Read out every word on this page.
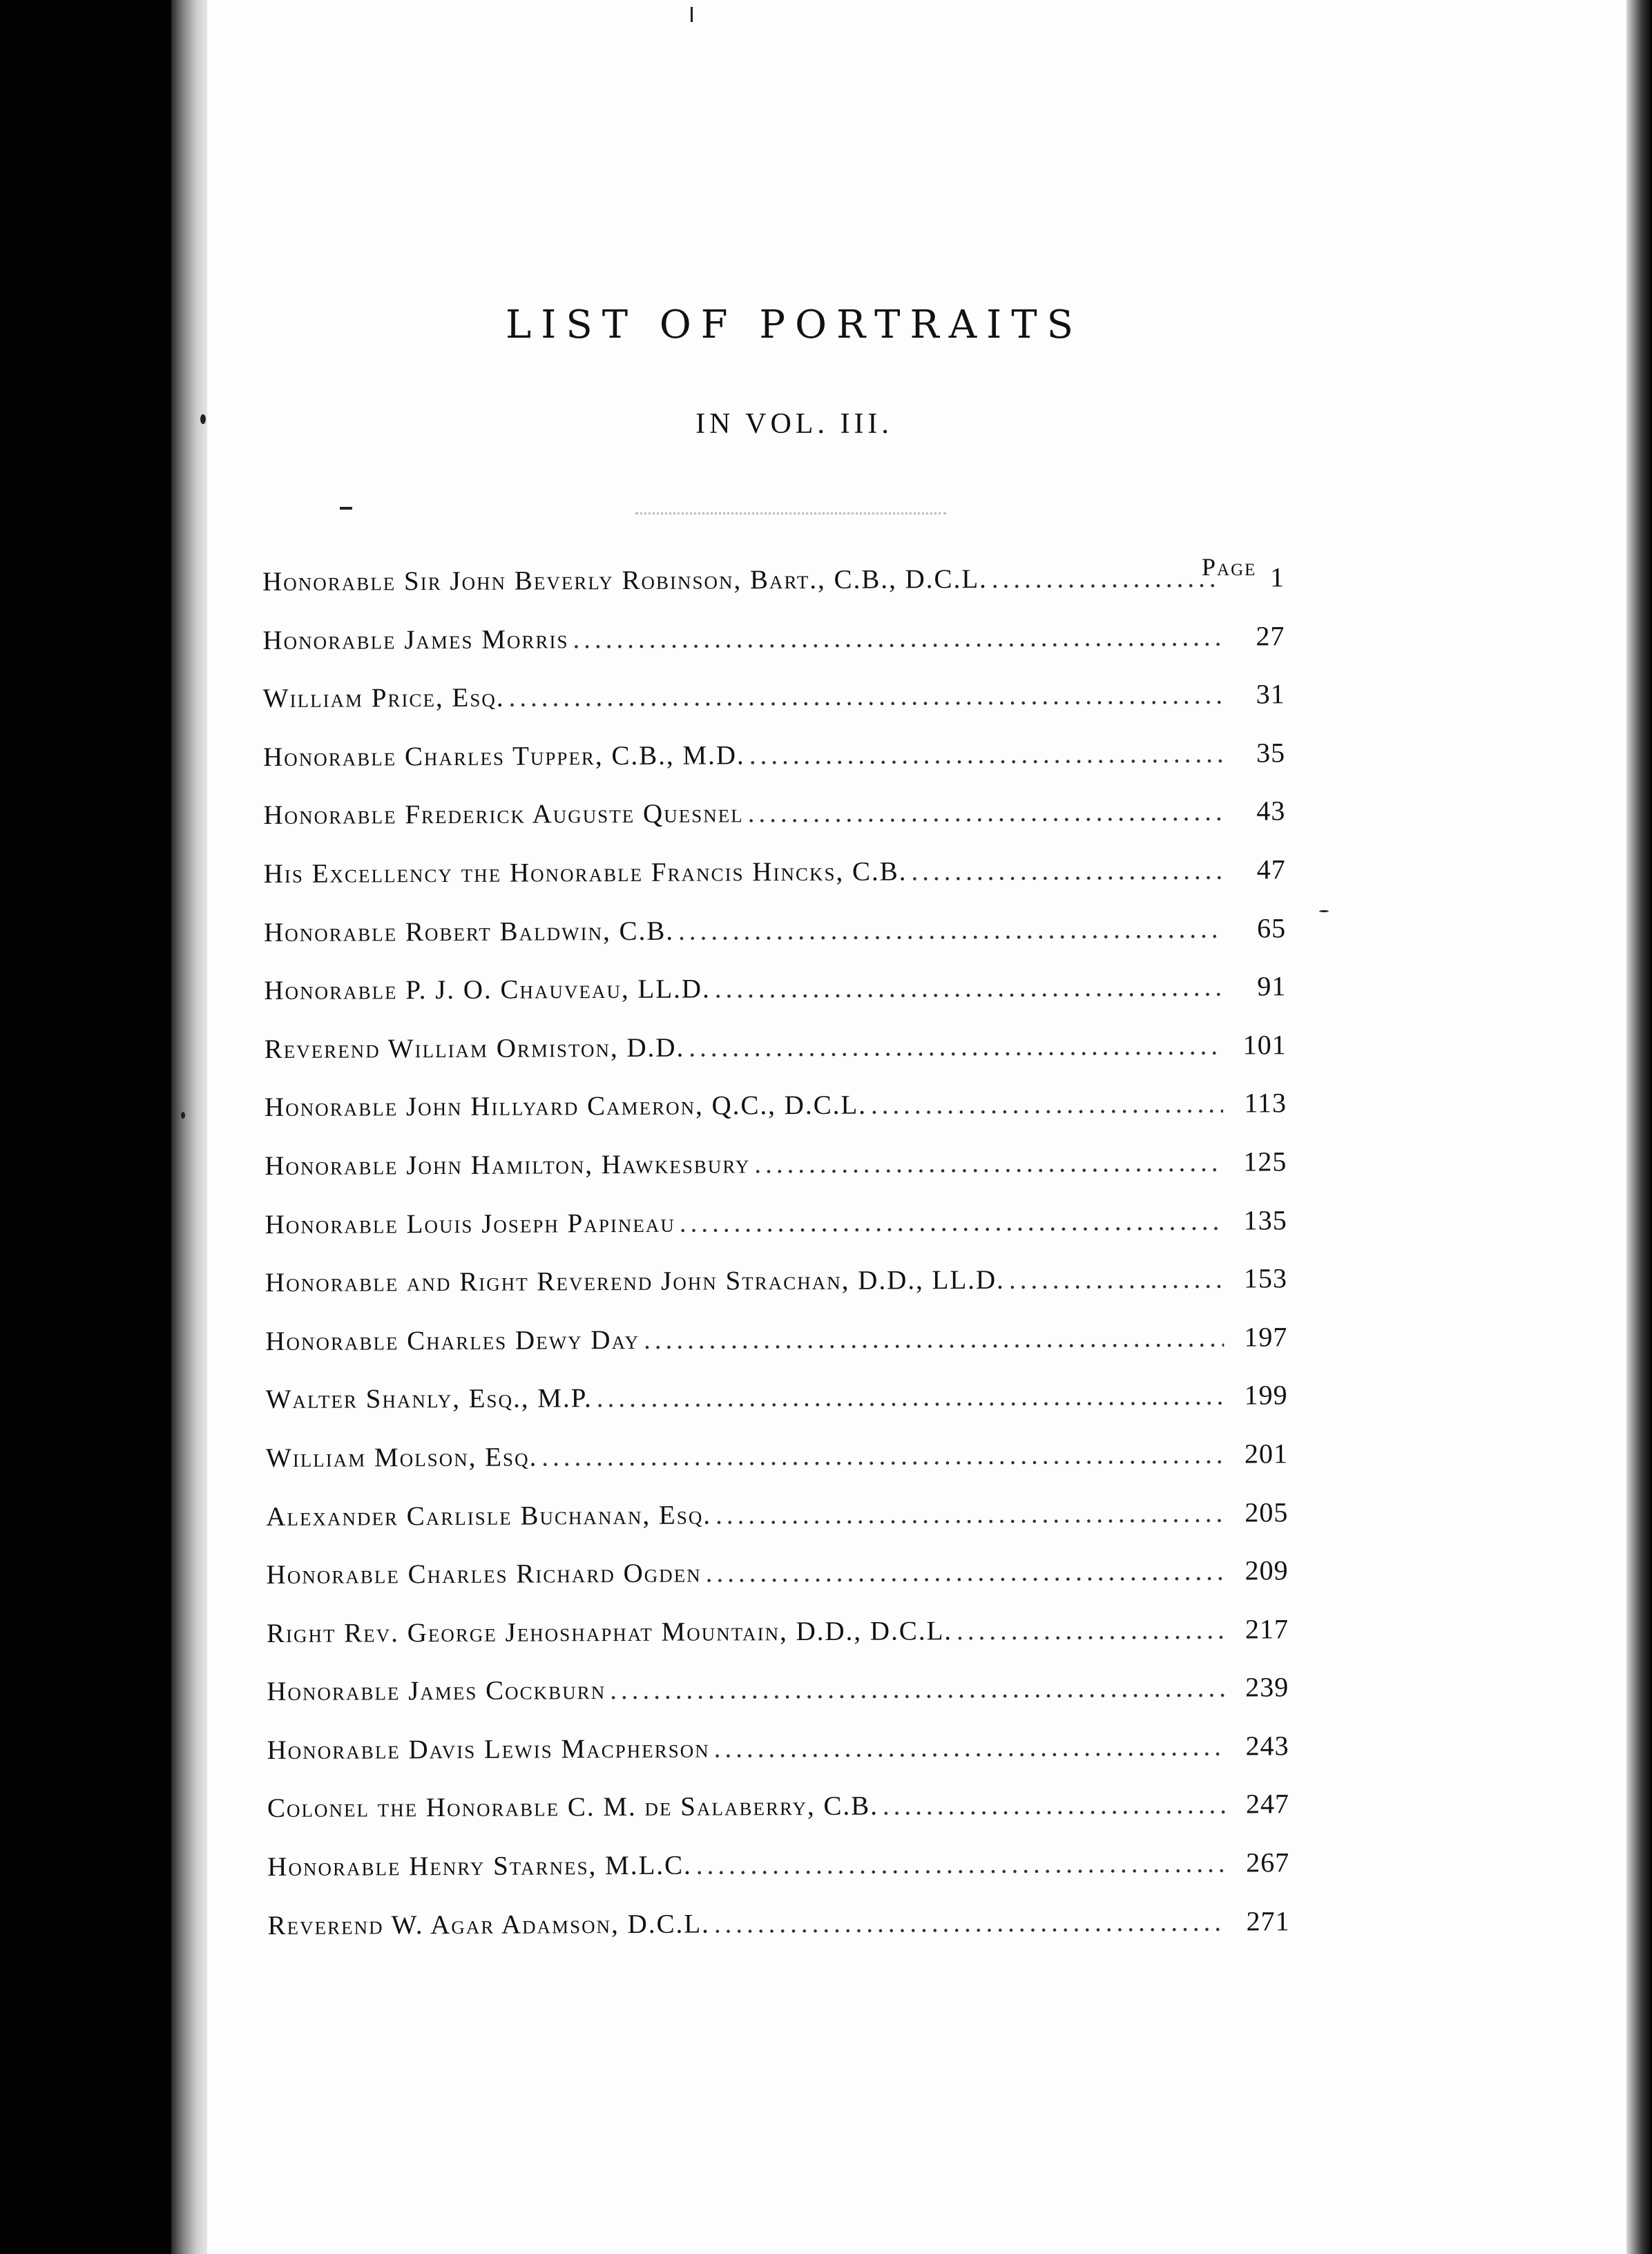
LIST OF PORTRAITS
IN VOL. III.
Page
Honorable Sir John Beverly Robinson, Bart., C.B., D.C.L. .....	1
Honorable James Morris .....	27
William Price, Esq. .....	31
Honorable Charles Tupper, C.B., M.D. .....	35
Honorable Frederick Auguste Quesnel .....	43
His Excellency the Honorable Francis Hincks, C.B. .....	47
Honorable Robert Baldwin, C.B. .....	65
Honorable P. J. O. Chauveau, LL.D. .....	91
Reverend William Ormiston, D.D. .....	101
Honorable John Hillyard Cameron, Q.C., D.C.L. .....	113
Honorable John Hamilton, Hawkesbury .....	125
Honorable Louis Joseph Papineau .....	135
Honorable and Right Reverend John Strachan, D.D., LL.D. .....	153
Honorable Charles Dewy Day .....	197
Walter Shanly, Esq., M.P. .....	199
William Molson, Esq. .....	201
Alexander Carlisle Buchanan, Esq. .....	205
Honorable Charles Richard Ogden .....	209
Right Rev. George Jehoshaphat Mountain, D.D., D.C.L. .....	217
Honorable James Cockburn .....	239
Honorable Davis Lewis Macpherson .....	243
Colonel the Honorable C. M. de Salaberry, C.B. .....	247
Honorable Henry Starnes, M.L.C. .....	267
Reverend W. Agar Adamson, D.C.L. .....	271
